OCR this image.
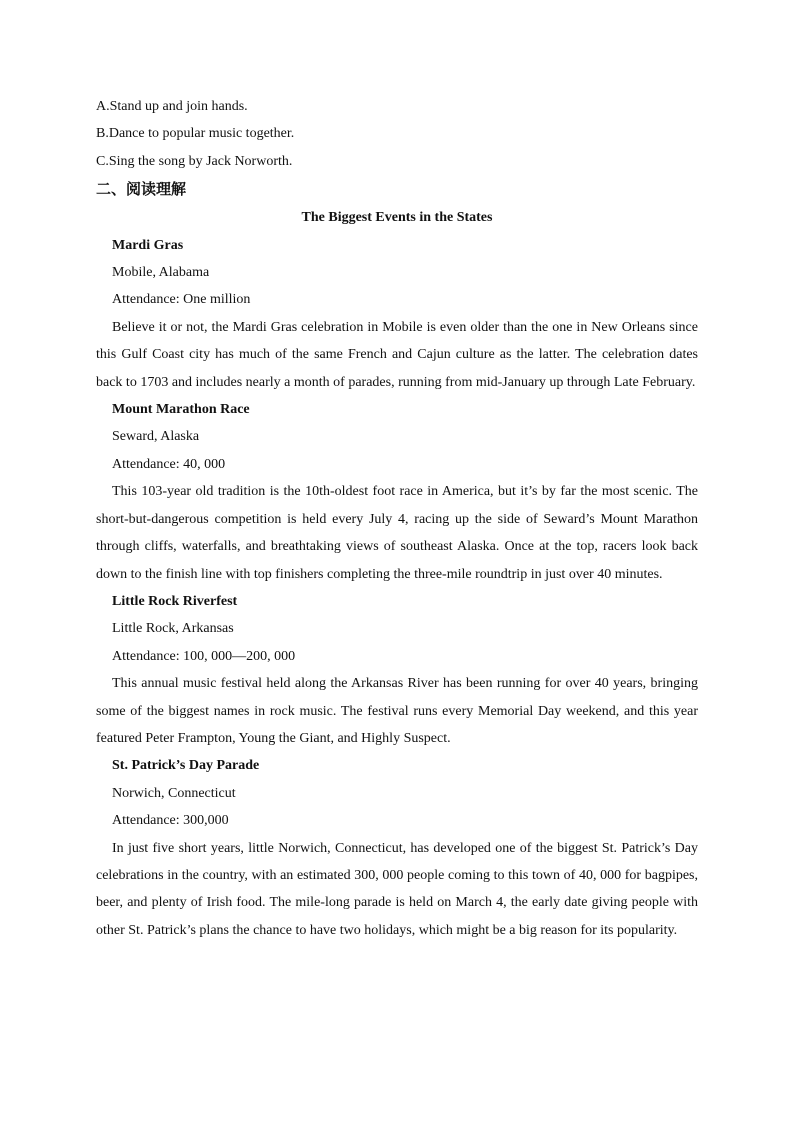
A.Stand up and join hands.

B.Dance to popular music together.

C.Sing the song by Jack Norworth.

二、阅读理解

The Biggest Events in the States

Mardi Gras

Mobile, Alabama

Attendance: One million

Believe it or not, the Mardi Gras celebration in Mobile is even older than the one in New Orleans since this Gulf Coast city has much of the same French and Cajun culture as the latter. The celebration dates back to 1703 and includes nearly a month of parades, running from mid-January up through Late February.

Mount Marathon Race

Seward, Alaska

Attendance: 40, 000

This 103-year old tradition is the 10th-oldest foot race in America, but it’s by far the most scenic. The short-but-dangerous competition is held every July 4, racing up the side of Seward’s Mount Marathon through cliffs, waterfalls, and breathtaking views of southeast Alaska. Once at the top, racers look back down to the finish line with top finishers completing the three-mile roundtrip in just over 40 minutes.

Little Rock Riverfest

Little Rock, Arkansas

Attendance: 100, 000—200, 000

This annual music festival held along the Arkansas River has been running for over 40 years, bringing some of the biggest names in rock music. The festival runs every Memorial Day weekend, and this year featured Peter Frampton, Young the Giant, and Highly Suspect.

St. Patrick’s Day Parade

Norwich, Connecticut

Attendance: 300,000

In just five short years, little Norwich, Connecticut, has developed one of the biggest St. Patrick’s Day celebrations in the country, with an estimated 300, 000 people coming to this town of 40, 000 for bagpipes, beer, and plenty of Irish food. The mile-long parade is held on March 4, the early date giving people with other St. Patrick’s plans the chance to have two holidays, which might be a big reason for its popularity.
